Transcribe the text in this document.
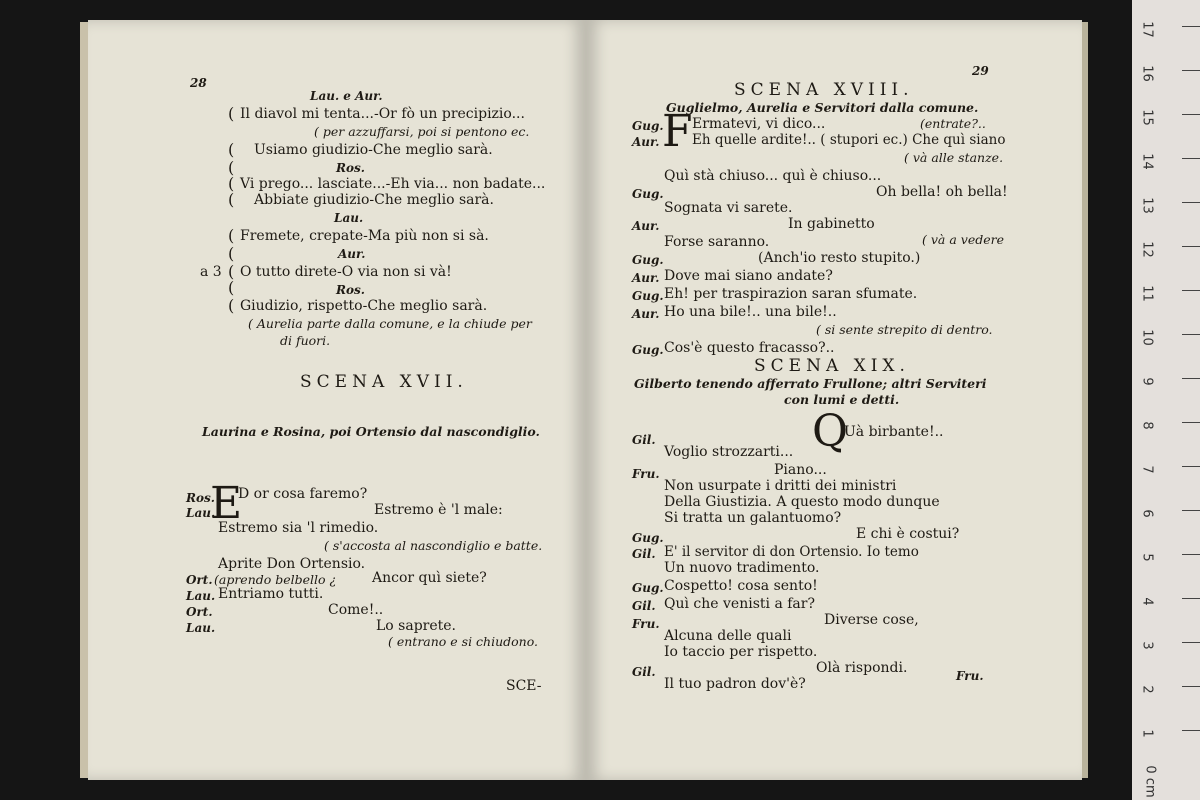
17
16
15
14
13
12
11
10
9
8
7
6
5
4
3
2
1
0 cm
28
Lau. e Aur.
( Il diavol mi tenta...-Or fò un precipizio...
( per azzuffarsi, poi si pentono ec.
( Usiamo giudizio-Che meglio sarà.
(	Ros.
( Vi prego... lasciate...-Eh via... non badate...
( Abbiate giudizio-Che meglio sarà.
Lau.
( Fremete, crepate-Ma più non si sà.
(	Aur.
a 3 ( O tutto direte-O via non si và!
(	Ros.
( Giudizio, rispetto-Che meglio sarà.
( Aurelia parte dalla comune, e la chiude per
di fuori.
SCENA XVII.
Laurina e Rosina, poi Ortensio dal nascondiglio.
Ros.
E
D or cosa faremo?
Lau.	Estremo è 'l male:
Estremo sia 'l rimedio.
( s'accosta al nascondiglio e batte.
Aprite Don Ortensio.
Ort. (aprendo belbello ¿	Ancor quì siete?
Lau. Entriamo tutti.
Ort.	Come!..
Lau.	Lo saprete.
( entrano e si chiudono.
SCE-
29
SCENA XVIII.
Guglielmo, Aurelia e Servitori dalla comune.
Gug.
F Ermatevi, vi dico...	(entrate?..
Aur. Eh quelle ardite!.. ( stupori ec.) Che quì siano
( và alle stanze.
Quì stà chiuso... quì è chiuso...
Gug.	Oh bella! oh bella!
Sognata vi sarete.
Aur.	In gabinetto
Forse saranno.	( và a vedere
Gug.	(Anch'io resto stupito.)
Aur. Dove mai siano andate?
Gug. Eh! per traspirazion saran sfumate.
Aur. Ho una bile!.. una bile!..
( si sente strepito di dentro.
Gug. Cos'è questo fracasso?..
SCENA XIX.
Gilberto tenendo afferrato Frullone; altri Serviteri
con lumi e detti.
Gil.	Q
Uà birbante!..
Voglio strozzarti...
Fru.	Piano...
Non usurpate i dritti dei ministri
Della Giustizia. A questo modo dunque
Si tratta un galantuomo?
Gug.	E chi è costui?
Gil. E' il servitor di don Ortensio. Io temo
Un nuovo tradimento.
Gug. Cospetto! cosa sento!
Gil. Quì che venisti a far?
Fru.	Diverse cose,
Alcuna delle quali
Io taccio per rispetto.
Gil.	Olà rispondi.
Il tuo padron dov'è?	Fru.
